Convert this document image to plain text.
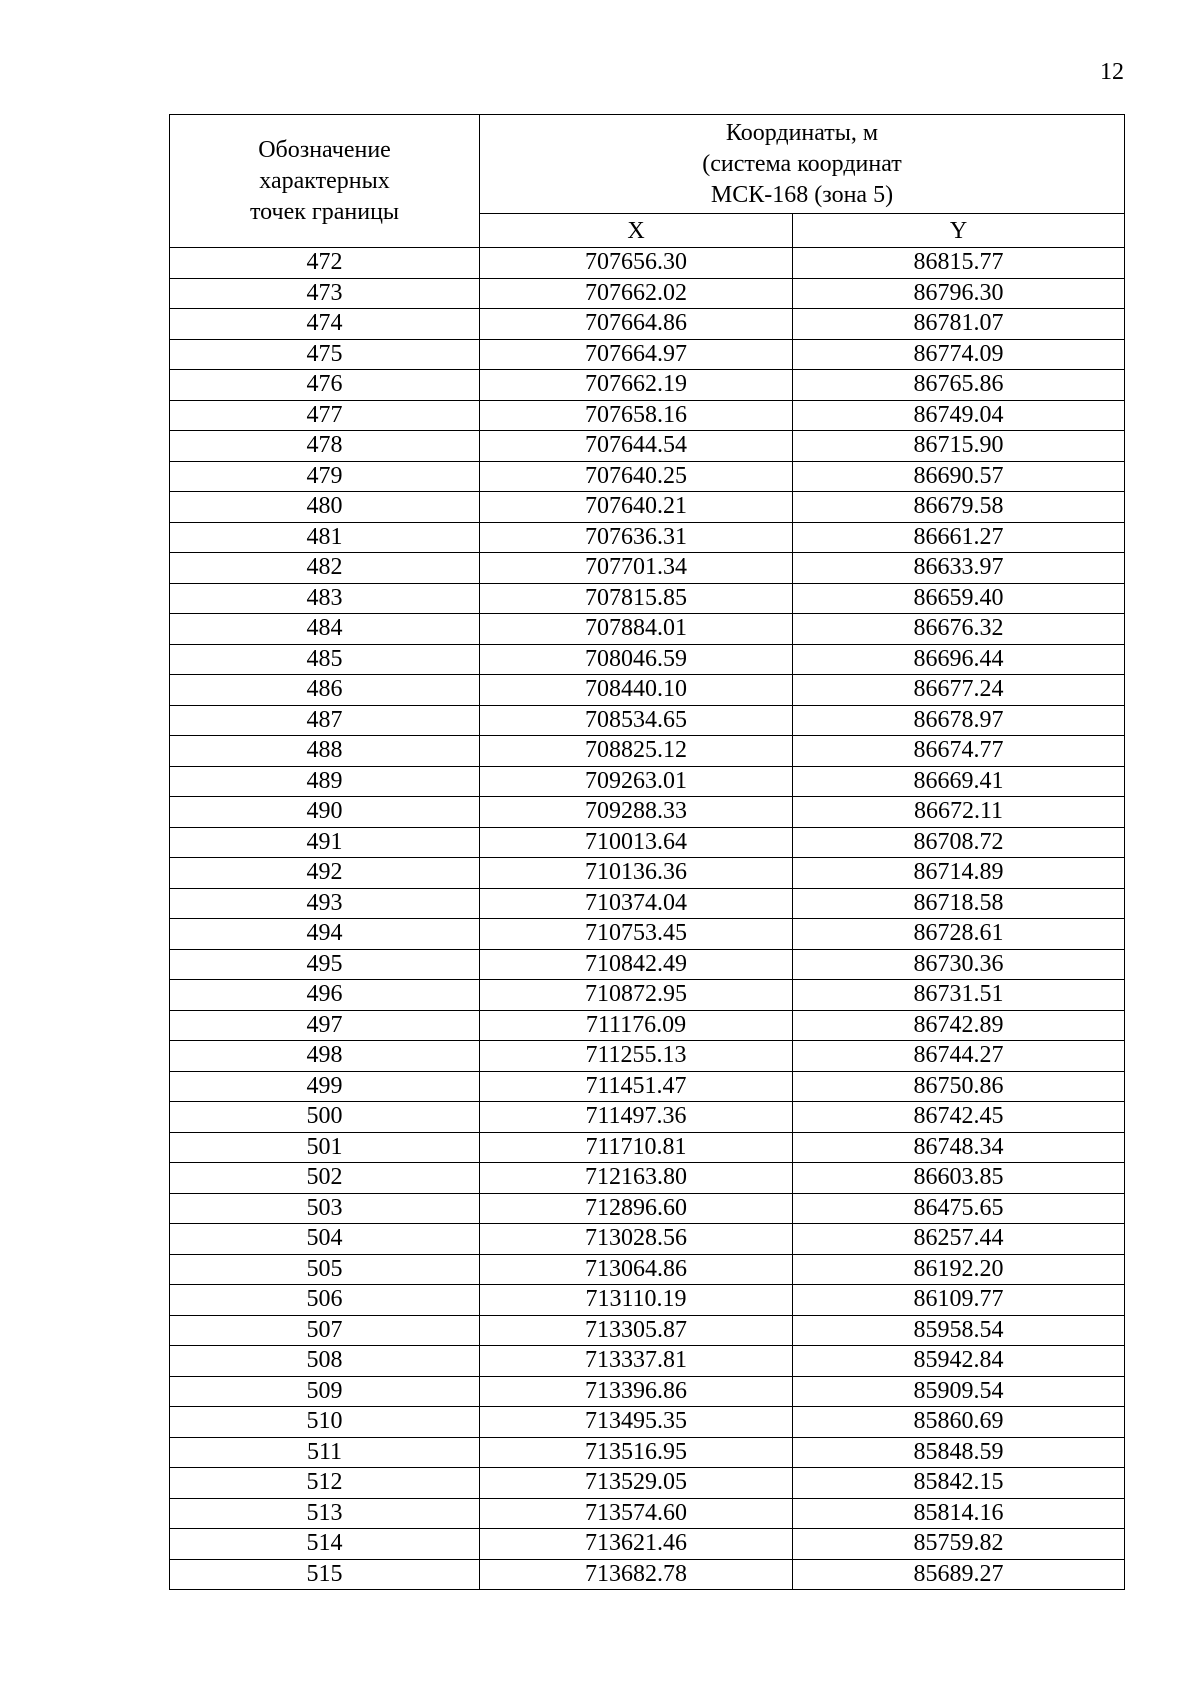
12
Обозначение
характерных
точек границы	Координаты, м
(система координат
МСК-168 (зона 5)	
	X	Y
472	707656.30	86815.77
473	707662.02	86796.30
474	707664.86	86781.07
475	707664.97	86774.09
476	707662.19	86765.86
477	707658.16	86749.04
478	707644.54	86715.90
479	707640.25	86690.57
480	707640.21	86679.58
481	707636.31	86661.27
482	707701.34	86633.97
483	707815.85	86659.40
484	707884.01	86676.32
485	708046.59	86696.44
486	708440.10	86677.24
487	708534.65	86678.97
488	708825.12	86674.77
489	709263.01	86669.41
490	709288.33	86672.11
491	710013.64	86708.72
492	710136.36	86714.89
493	710374.04	86718.58
494	710753.45	86728.61
495	710842.49	86730.36
496	710872.95	86731.51
497	711176.09	86742.89
498	711255.13	86744.27
499	711451.47	86750.86
500	711497.36	86742.45
501	711710.81	86748.34
502	712163.80	86603.85
503	712896.60	86475.65
504	713028.56	86257.44
505	713064.86	86192.20
506	713110.19	86109.77
507	713305.87	85958.54
508	713337.81	85942.84
509	713396.86	85909.54
510	713495.35	85860.69
511	713516.95	85848.59
512	713529.05	85842.15
513	713574.60	85814.16
514	713621.46	85759.82
515	713682.78	85689.27
